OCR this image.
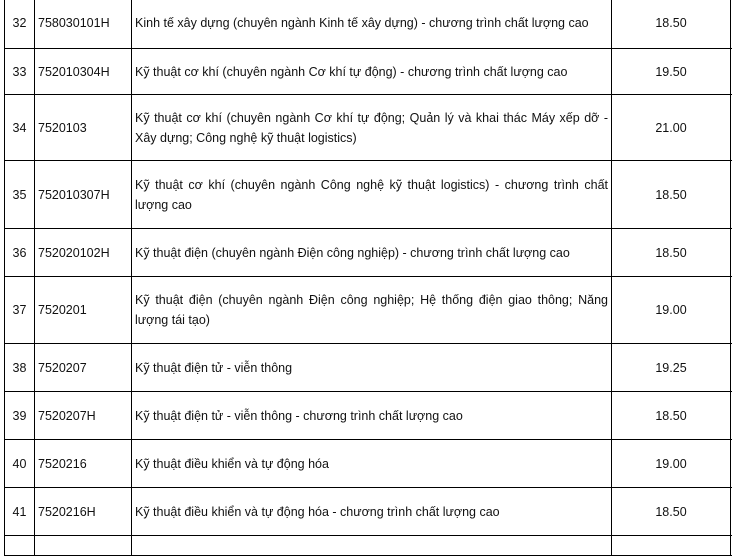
32	758030101H	Kinh tế xây dựng (chuyên ngành Kinh tế xây dựng) - chương trình chất lượng cao	18.50	
33	752010304H	Kỹ thuật cơ khí (chuyên ngành Cơ khí tự động) - chương trình chất lượng cao	19.50	
34	7520103	Kỹ thuật cơ khí (chuyên ngành Cơ khí tự động; Quản lý và khai thác Máy xếp dỡ - Xây dựng; Công nghệ kỹ thuật logistics)	21.00	
35	752010307H	Kỹ thuật cơ khí (chuyên ngành Công nghệ kỹ thuật logistics) - chương trình chất lượng cao	18.50	
36	752020102H	Kỹ thuật điện (chuyên ngành Điện công nghiệp) - chương trình chất lượng cao	18.50	
37	7520201	Kỹ thuật điện (chuyên ngành Điện công nghiệp; Hệ thống điện giao thông; Năng lượng tái tạo)	19.00	
38	7520207	Kỹ thuật điện tử - viễn thông	19.25	
39	7520207H	Kỹ thuật điện tử - viễn thông - chương trình chất lượng cao	18.50	
40	7520216	Kỹ thuật điều khiển và tự động hóa	19.00	
41	7520216H	Kỹ thuật điều khiển và tự động hóa - chương trình chất lượng cao	18.50	
